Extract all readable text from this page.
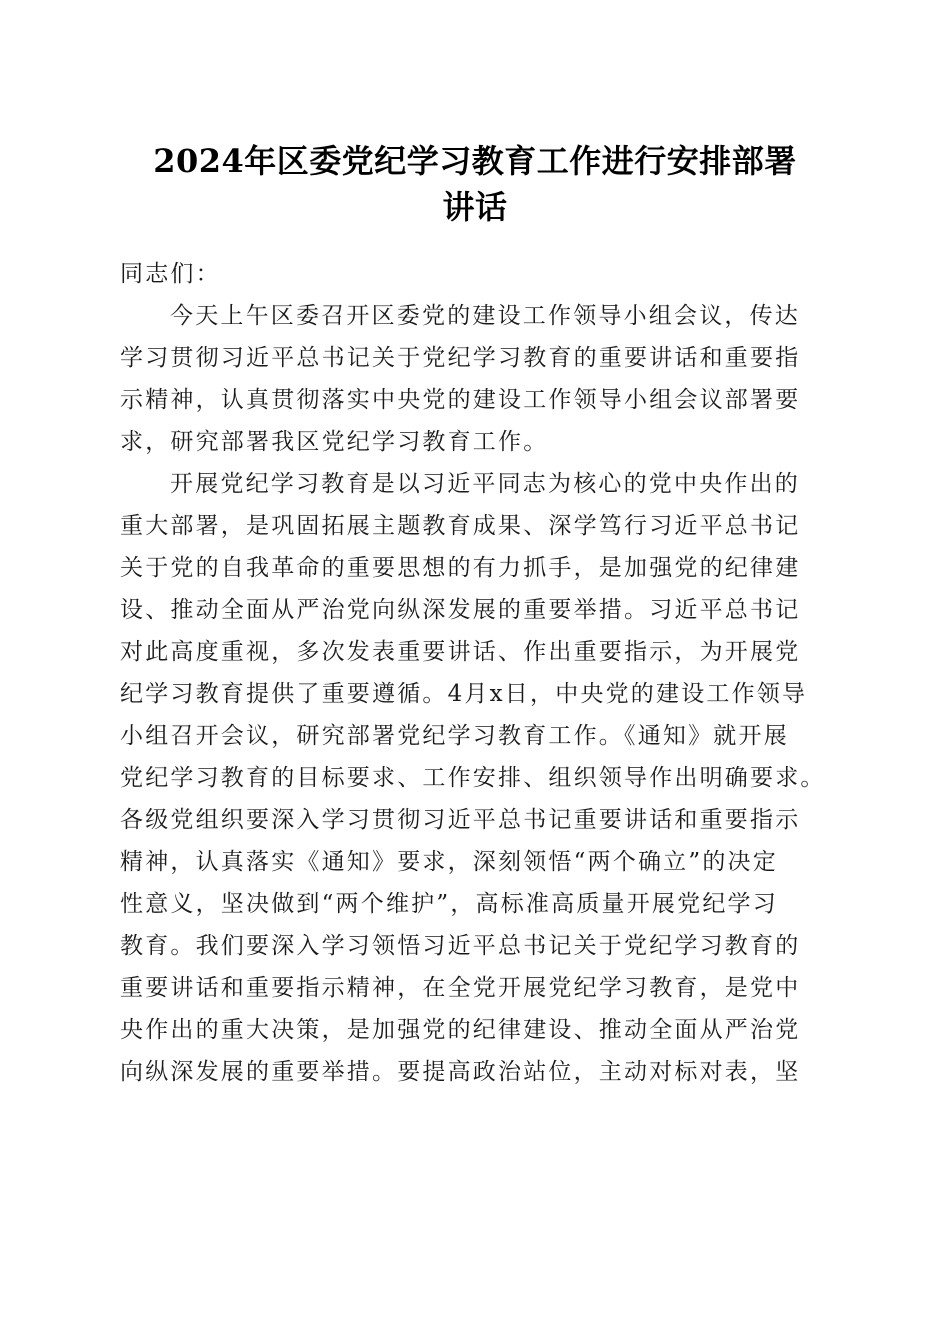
2024年区委党纪学习教育工作进行安排部署
讲话
同志们：
今天上午区委召开区委党的建设工作领导小组会议，传达
学习贯彻习近平总书记关于党纪学习教育的重要讲话和重要指
示精神，认真贯彻落实中央党的建设工作领导小组会议部署要
求，研究部署我区党纪学习教育工作。
开展党纪学习教育是以习近平同志为核心的党中央作出的
重大部署，是巩固拓展主题教育成果、深学笃行习近平总书记
关于党的自我革命的重要思想的有力抓手，是加强党的纪律建
设、推动全面从严治党向纵深发展的重要举措。习近平总书记
对此高度重视，多次发表重要讲话、作出重要指示，为开展党
纪学习教育提供了重要遵循。4月x日，中央党的建设工作领导
小组召开会议，研究部署党纪学习教育工作。《通知》就开展
党纪学习教育的目标要求、工作安排、组织领导作出明确要求。
各级党组织要深入学习贯彻习近平总书记重要讲话和重要指示
精神，认真落实《通知》要求，深刻领悟“两个确立”的决定
性意义，坚决做到“两个维护”，高标准高质量开展党纪学习
教育。我们要深入学习领悟习近平总书记关于党纪学习教育的
重要讲话和重要指示精神，在全党开展党纪学习教育，是党中
央作出的重大决策，是加强党的纪律建设、推动全面从严治党
向纵深发展的重要举措。要提高政治站位，主动对标对表，坚
